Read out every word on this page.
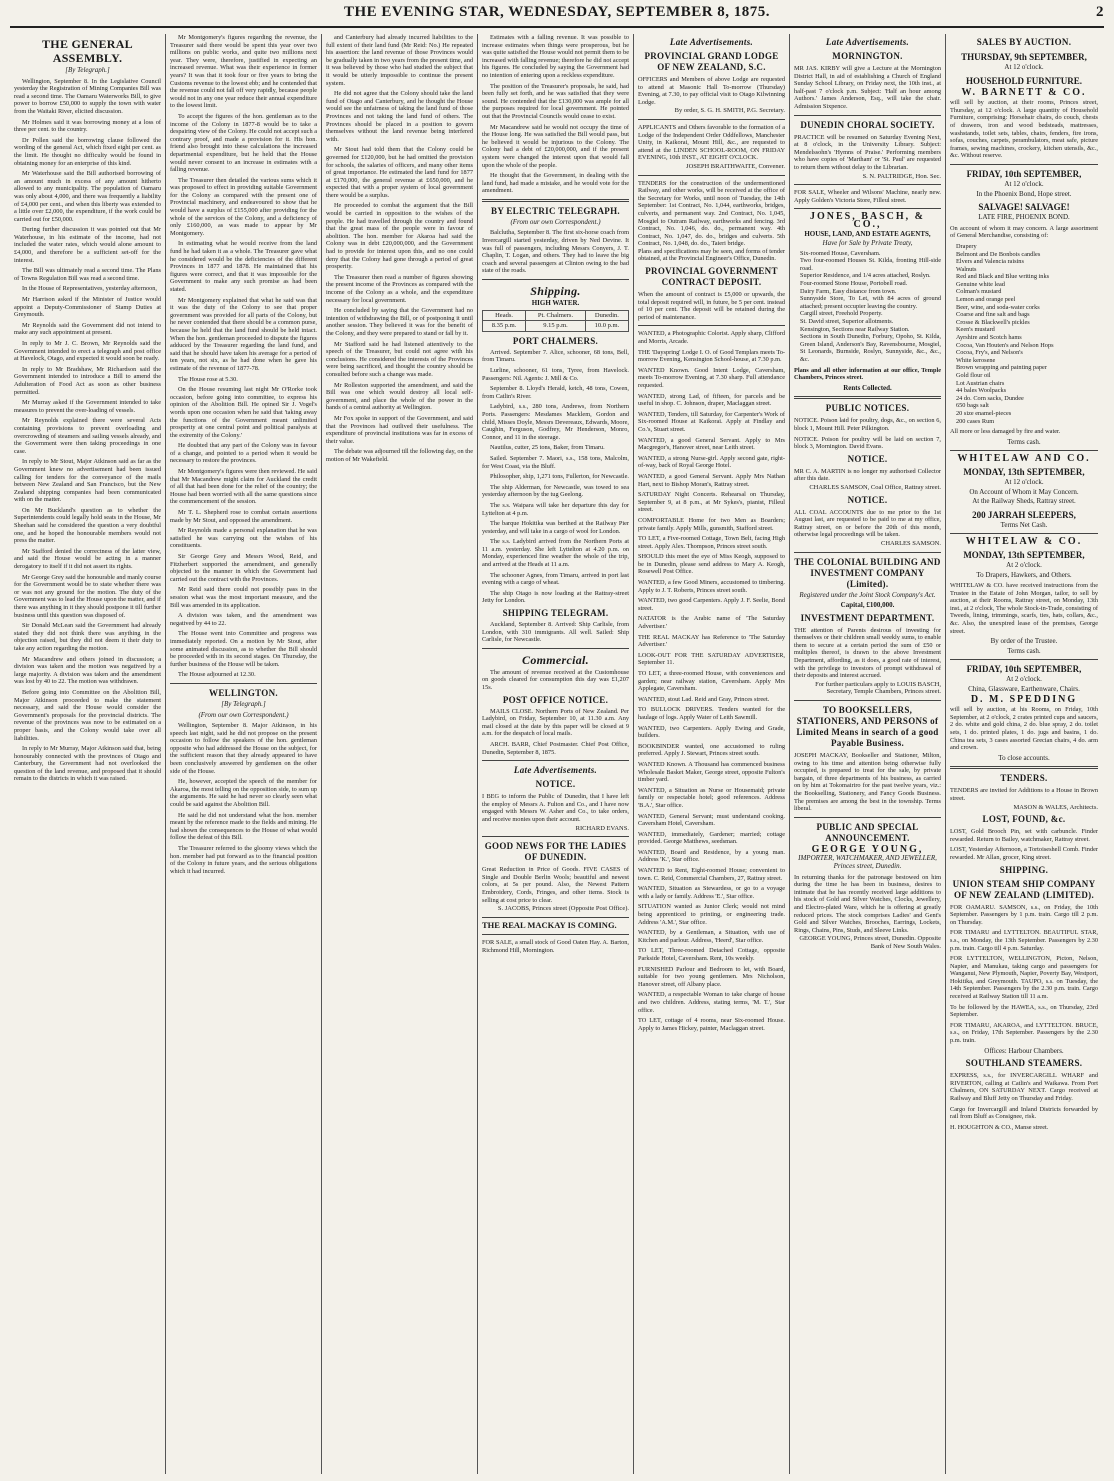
THE EVENING STAR, WEDNESDAY, SEPTEMBER 8, 1875.	2
THE GENERAL ASSEMBLY.
[By Telegraph.]

Wellington, September 8. In the Legislative Council yesterday the Registration of Mining Companies Bill was read a second time. The Oamaru Waterworks Bill, to give power to borrow £50,000 to supply the town with water from the Waitaki River, elicited discussion.

Mr Holmes said it was borrowing money at a loss of three per cent. to the country.

Dr Pollen said the borrowing clause followed the wording of the general Act, which fixed eight per cent. as the limit. He thought no difficulty would be found in obtaining money for an enterprise of this kind.

Mr Waterhouse said the Bill authorised borrowing of an amount much in excess of any amount hitherto allowed to any municipality. The population of Oamaru was only about 4,000, and there was frequently a liability of £4,000 per cent., and when this liberty was extended to a little over £2,000, the expenditure, if the work could be carried out for £50,000.

During further discussion it was pointed out that Mr Waterhouse, in his estimate of the income, had not included the water rates, which would alone amount to £4,000, and therefore be a sufficient set-off for the interest.

The Bill was ultimately read a second time. The Plans of Towns Regulation Bill was read a second time.

In the House of Representatives, yesterday afternoon,

Mr Harrison asked if the Minister of Justice would appoint a Deputy-Commissioner of Stamp Duties at Greymouth.

Mr Reynolds said the Government did not intend to make any such appointment at present.

In reply to Mr J. C. Brown, Mr Reynolds said the Government intended to erect a telegraph and post office at Havelock, Otago, and expected it would soon be ready.

In reply to Mr Bradshaw, Mr Richardson said the Government intended to introduce a Bill to amend the Adulteration of Food Act as soon as other business permitted.

Mr Murray asked if the Government intended to take measures to prevent the over-loading of vessels.

Mr Reynolds explained there were several Acts containing provisions to prevent overloading and overcrowding of steamers and sailing vessels already, and the Government were then taking proceedings in one case.

In reply to Mr Stout, Major Atkinson said as far as the Government knew no advertisement had been issued calling for tenders for the conveyance of the mails between New Zealand and San Francisco, but the New Zealand shipping companies had been communicated with on the matter.

On Mr Buckland's question as to whether the Superintendents could legally hold seats in the House, Mr Sheehan said he considered the question a very doubtful one, and he hoped the honourable members would not press the matter.

Mr Stafford denied the correctness of the latter view, and said the House would be acting in a manner derogatory to itself if it did not assert its rights.

Mr George Grey said the honourable and manly course for the Government would be to state whether there was or was not any ground for the motion. The duty of the Government was to lead the House upon the matter, and if there was anything in it they should postpone it till further business until this question was disposed of.

Sir Donald McLean said the Government had already stated they did not think there was anything in the objection raised, but they did not deem it their duty to take any action regarding the motion.

Mr Macandrew and others joined in discussion; a division was taken and the motion was negatived by a large majority. A division was taken and the amendment was lost by 40 to 22. The motion was withdrawn.

Before going into Committee on the Abolition Bill, Major Atkinson proceeded to make the statement necessary, and said the House would consider the Government's proposals for the provincial districts. The revenue of the provinces was now to be estimated on a proper basis, and the Colony would take over all liabilities.

In reply to Mr Murray, Major Atkinson said that, being honourably connected with the provinces of Otago and Canterbury, the Government had not overlooked the question of the land revenue, and proposed that it should remain to the districts in which it was raised.

Mr Montgomery's figures regarding the revenue, the Treasurer said there would be spent this year over two millions on public works, and quite two millions next year. They were, therefore, justified in expecting an increased revenue. What was their experience in former years? It was that it took four or five years to bring the Customs revenue to the lowest ebb; and he contended that the revenue could not fall off very rapidly, because people would not in any one year reduce their annual expenditure to the lowest limit.

To accept the figures of the hon. gentleman as to the income of the Colony in 1877-8 would be to take a despairing view of the Colony. He could not accept such a contrary proof, and made a provision for it. His hon. friend also brought into these calculations the increased departmental expenditure, but he held that the House would never consent to an increase in estimates with a falling revenue.

The Treasurer then detailed the various sums which it was proposed to effect in providing suitable Government for the Colony as compared with the present one of Provincial machinery, and endeavoured to show that he would have a surplus of £155,000 after providing for the whole of the services of the Colony, and a deficiency of only £160,000, as was made to appear by Mr Montgomery.

In estimating what he would receive from the land fund he had taken it as a whole. The Treasurer gave what he considered would be the deficiencies of the different Provinces in 1877 and 1878. He maintained that his figures were correct, and that it was impossible for the Government to make any such promise as had been stated.

Mr Montgomery explained that what he said was that it was the duty of the Colony to see that proper government was provided for all parts of the Colony, but he never contended that there should be a common purse, because he held that the land fund should be held intact. When the hon. gentleman proceeded to dispute the figures adduced by the Treasurer regarding the land fund, and said that he should have taken his average for a period of ten years, not six, as he had done when he gave his estimate of the revenue of 1877-78.

The House rose at 5.30.

On the House resuming last night Mr O'Rorke took occasion, before going into committee, to express his opinion of the Abolition Bill. He opined Sir J. Vogel's words upon one occasion when he said that 'taking away the functions of the Government meant unlimited prosperity at one central point and political paralysis at the extremity of the Colony.'

He doubted that any part of the Colony was in favour of a change, and pointed to a period when it would be necessary to restore the provinces.

Mr Montgomery's figures were then reviewed. He said that Mr Macandrew might claim for Auckland the credit of all that had been done for the relief of the country; the House had been worried with all the same questions since the commencement of the session.

Mr T. L. Shepherd rose to combat certain assertions made by Mr Stout, and opposed the amendment.

Mr Reynolds made a personal explanation that he was satisfied he was carrying out the wishes of his constituents.

Sir George Grey and Messrs Wood, Reid, and Fitzherbert supported the amendment, and generally objected to the manner in which the Government had carried out the contract with the Provinces.

Mr Reid said there could not possibly pass in the session what was the most important measure, and the Bill was amended in its application.

A division was taken, and the amendment was negatived by 44 to 22.

The House went into Committee and progress was immediately reported. On a motion by Mr Stout, after some animated discussion, as to whether the Bill should be proceeded with in its second stages. On Thursday, the further business of the House will be taken.

The House adjourned at 12.30.

WELLINGTON.
[By Telegraph.]
(From our own Correspondent.)

Wellington, September 8. Major Atkinson, in his speech last night, said he did not propose on the present occasion to follow the speakers of the hon. gentleman opposite who had addressed the House on the subject, for the sufficient reason that they already appeared to have been conclusively answered by gentlemen on the other side of the House.

He, however, accepted the speech of the member for Akaroa, the most telling on the opposition side, to sum up the arguments. He said he had never so clearly seen what could be said against the Abolition Bill.

He said he did not understand what the hon. member meant by the reference made to the fields and mining. He had shown the consequences to the House of what would follow the defeat of this Bill.

The Treasurer referred to the gloomy views which the hon. member had put forward as to the financial position of the Colony in future years, and the serious obligations which it had incurred.

and Canterbury had already incurred liabilities to the full extent of their land fund (Mr Reid: No.) He repeated his assertion: the land revenue of those Provinces would be gradually taken in two years from the present time, and it was believed by those who had studied the subject that it would be utterly impossible to continue the present system.

He did not agree that the Colony should take the land fund of Otago and Canterbury, and he thought the House would see the unfairness of taking the land fund of those Provinces and not taking the land fund of others. The Provinces should be placed in a position to govern themselves without the land revenue being interfered with.

Mr Stout had told them that the Colony could be governed for £120,000, but he had omitted the provision for schools, the salaries of officers, and many other items of great importance. He estimated the land fund for 1877 at £170,000, the general revenue at £650,000, and he expected that with a proper system of local government there would be a surplus.

He proceeded to combat the argument that the Bill would be carried in opposition to the wishes of the people. He had travelled through the country and found that the great mass of the people were in favour of abolition. The hon. member for Akaroa had said the Colony was in debt £20,000,000, and the Government had to provide for interest upon this, and no one could deny that the Colony had gone through a period of great prosperity.

The Treasurer then read a number of figures showing the present income of the Provinces as compared with the income of the Colony as a whole, and the expenditure necessary for local government.

He concluded by saying that the Government had no intention of withdrawing the Bill, or of postponing it until another session. They believed it was for the benefit of the Colony, and they were prepared to stand or fall by it.

Mr Stafford said he had listened attentively to the speech of the Treasurer, but could not agree with his conclusions. He considered the interests of the Provinces were being sacrificed, and thought the country should be consulted before such a change was made.

Mr Rolleston supported the amendment, and said the Bill was one which would destroy all local self-government, and place the whole of the power in the hands of a central authority at Wellington.

Mr Fox spoke in support of the Government, and said that the Provinces had outlived their usefulness. The expenditure of provincial institutions was far in excess of their value.

The debate was adjourned till the following day, on the motion of Mr Wakefield.

Estimates with a falling revenue. It was possible to increase estimates when things were prosperous, but he was quite satisfied the House would not permit them to be increased with falling revenue; therefore he did not accept his figures. He concluded by saying the Government had no intention of entering upon a reckless expenditure.

The position of the Treasurer's proposals, he said, had been fully set forth, and he was satisfied that they were sound. He contended that the £130,000 was ample for all the purposes required for local government. He pointed out that the Provincial Councils would cease to exist.

Mr Macandrew said he would not occupy the time of the House long. He was satisfied the Bill would pass, but he believed it would be injurious to the Colony. The Colony had a debt of £20,000,000, and if the present system were changed the interest upon that would fall upon the whole of the people.

He thought that the Government, in dealing with the land fund, had made a mistake, and he would vote for the amendment.

BY ELECTRIC TELEGRAPH.
(From our own Correspondent.)

Balclutha, September 8. The first six-horse coach from Invercargill started yesterday, driven by Ned Devine. It was full of passengers, including Messrs Conyers, J. T. Chaplin, T. Logan, and others. They had to leave the big coach and several passengers at Clinton owing to the bad state of the roads.

Shipping.
HIGH WATER.
Heads.	Pt. Chalmers.	Dunedin.
8.35 p.m.	9.15 p.m.	10.0 p.m.
PORT CHALMERS.

Arrived. September 7. Alice, schooner, 68 tons, Bell, from Timaru.

Lurline, schooner, 61 tons, Tyree, from Havelock. Passengers: Nil. Agents: J. Mill & Co.

September 8. Lloyd's Herald, ketch, 48 tons, Cowen, from Catlin's River.

Ladybird, s.s., 280 tons, Andrews, from Northern Ports. Passengers: Mesdames Macklem, Gordon and child, Misses Doyle, Messrs Devereaux, Edwards, Moore, Caughin, Ferguson, Godfrey, Mr Henderson, Monro, Connor, and 11 in the steerage.

Nautilus, cutter, 25 tons, Baker, from Timaru.

Sailed. September 7. Maori, s.s., 158 tons, Malcolm, for West Coast, via the Bluff.

Philosopher, ship, 1,271 tons, Fullerton, for Newcastle.

The ship Alderman, for Newcastle, was towed to sea yesterday afternoon by the tug Geelong.

The s.s. Waipara will take her departure this day for Lyttelton at 4 p.m.

The barque Hokitika was berthed at the Railway Pier yesterday, and will take in a cargo of wool for London.

The s.s. Ladybird arrived from the Northern Ports at 11 a.m. yesterday. She left Lyttelton at 4.20 p.m. on Monday, experienced fine weather the whole of the trip, and arrived at the Heads at 11 a.m.

The schooner Agnes, from Timaru, arrived in port last evening with a cargo of wheat.

The ship Otago is now loading at the Rattray-street Jetty for London.

SHIPPING TELEGRAM.

Auckland, September 8. Arrived: Ship Carlisle, from London, with 310 immigrants. All well. Sailed: Ship Carlisle, for Newcastle.

Commercial.

The amount of revenue received at the Customhouse on goods cleared for consumption this day was £1,207 15s.

POST OFFICE NOTICE.

MAILS CLOSE. Northern Ports of New Zealand. Per Ladybird, on Friday, September 10, at 11.30 a.m. Any mail closed at the date by this paper will be closed at 9 a.m. for the despatch of local mails.

ARCH. BARR, Chief Postmaster. Chief Post Office, Dunedin, September 8, 1875.

Late Advertisements.
NOTICE.
I BEG to inform the Public of Dunedin, that I have left the employ of Messrs A. Fulton and Co., and I have now engaged with Messrs W. Asher and Co., to take orders, and receive monies upon their account.
RICHARD EVANS.
GOOD NEWS FOR THE LADIES OF DUNEDIN.
Great Reduction in Price of Goods. FIVE CASES of Single and Double Berlin Wools; beautiful and newest colors, at 5s per pound. Also, the Newest Pattern Embroidery, Cords, Fringes, and other items. Stock is selling at cost price to clear.
S. JACOBS, Princes street (Opposite Post Office).
THE REAL MACKAY IS COMING.
FOR SALE, a small stock of Good Oaten Hay. A. Barton, Richmond Hill, Mornington.
Late Advertisements.
PROVINCIAL GRAND LODGE OF NEW ZEALAND, S.C.
OFFICERS and Members of above Lodge are requested to attend at Masonic Hall To-morrow (Thursday) Evening, at 7.30, to pay official visit to Otago Kilwinning Lodge.
By order, S. G. H. SMITH, P.G. Secretary.
APPLICANTS and Others favorable to the formation of a Lodge of the Independent Order Oddfellows, Manchester Unity, in Kaikorai, Mount Hill, &c., are requested to attend at the LINDEN SCHOOL-ROOM, ON FRIDAY EVENING, 10th INST., AT EIGHT O'CLOCK.
JOSEPH BRAITHWAITE, Convener.
TENDERS for the construction of the undermentioned Railway, and other works, will be received at the office of the Secretary for Works, until noon of Tuesday, the 14th September: 1st Contract, No. 1,044, earthworks, bridges, culverts, and permanent way. 2nd Contract, No. 1,045, Mosgiel to Outram Railway, earthworks and fencing. 3rd Contract, No. 1,046, do. do., permanent way. 4th Contract, No. 1,047, do. do., bridges and culverts. 5th Contract, No. 1,048, do. do., Taieri bridge.
Plans and specifications may be seen, and forms of tender obtained, at the Provincial Engineer's Office, Dunedin.
PROVINCIAL GOVERNMENT CONTRACT DEPOSIT.
When the amount of contract is £5,000 or upwards, the total deposit required will, in future, be 5 per cent. instead of 10 per cent. The deposit will be retained during the period of maintenance.
WANTED, a Photographic Colorist. Apply sharp, Clifford and Morris, Arcade.
THE 'Dayspring' Lodge I. O. of Good Templars meets To-morrow Evening, Kensington School-house, at 7.30 p.m.
WANTED Known. Good Intent Lodge, Caversham, meets To-morrow Evening, at 7.30 sharp. Full attendance requested.
WANTED, strong Lad, of fifteen, for parcels and be useful in shop. C. Johnson, draper, Maclaggan street.
WANTED, Tenders, till Saturday, for Carpenter's Work of Six-roomed House at Kaikorai. Apply at Findlay and Co.'s, Stuart street.
WANTED, a good General Servant. Apply to Mrs Macgregor's, Hanover street, near Leith street.
WANTED, a strong Nurse-girl. Apply second gate, right-of-way, back of Royal George Hotel.
WANTED, a good General Servant. Apply Mrs Nathan Hart, next to Bishop Moran's, Rattray street.
SATURDAY Night Concerts. Rehearsal on Thursday, September 9, at 8 p.m., at Mr Sykes's, pianist, Filleul street.
COMFORTABLE Home for two Men as Boarders; private family. Apply Mills, gunsmith, Stafford street.
TO LET, a Five-roomed Cottage, Town Belt, facing High street. Apply Alex. Thompson, Princes street south.
SHOULD this meet the eye of Miss Keogh, supposed to be in Dunedin, please send address to Mary A. Keogh, Rosewell Post Office.
WANTED, a few Good Miners, accustomed to timbering. Apply to J. T. Roberts, Princes street south.
WANTED, two good Carpenters. Apply J. F. Seelie, Bond street.
NATATOR is the Arabic name of 'The Saturday Advertiser.'
THE REAL MACKAY has Reference to 'The Saturday Advertiser.'
LOOK-OUT FOR THE SATURDAY ADVERTISER, September 11.
TO LET, a three-roomed House, with conveniences and garden; near railway station, Caversham. Apply Mrs Applegate, Caversham.
WANTED, stout Lad. Reid and Gray, Princes street.
TO BULLOCK DRIVERS. Tenders wanted for the haulage of logs. Apply Water of Leith Sawmill.
WANTED, two Carpenters. Apply Ewing and Grade, builders.
BOOKBINDER wanted, one accustomed to ruling preferred. Apply J. Stewart, Princes street south.
WANTED Known. A Thousand has commenced business Wholesale Basket Maker, George street, opposite Fulton's timber yard.
WANTED, a Situation as Nurse or Housemaid; private family or respectable hotel; good references. Address 'B.A.', Star office.
WANTED, General Servant; must understand cooking. Caversham Hotel, Caversham.
WANTED, immediately, Gardener; married; cottage provided. George Matthews, seedsman.
WANTED, Board and Residence, by a young man. Address 'K.', Star office.
WANTED to Rent, Eight-roomed House; convenient to town. C. Reid, Commercial Chambers, 27, Rattray street.
WANTED, Situation as Stewardess, or go to a voyage with a lady or family. Address 'E.', Star office.
SITUATION wanted as Junior Clerk; would not mind being apprenticed to printing, or engineering trade. Address 'A.M.', Star office.
WANTED, by a Gentleman, a Situation, with use of Kitchen and parlour. Address, 'Heerd', Star office.
TO LET, Three-roomed Detached Cottage, opposite Parkside Hotel, Caversham. Rent, 10s weekly.
FURNISHED Parlour and Bedroom to let, with Board, suitable for two young gentlemen. Mrs Nicholson, Hanover street, off Albany place.
WANTED, a respectable Woman to take charge of house and two children. Address, stating terms, 'M. T.', Star office.
TO LET, cottage of 4 rooms, near Six-roomed House. Apply to James Hickey, painter, Maclaggan street.
Late Advertisements.
MORNINGTON.
MR JAS. KIRBY will give a Lecture at the Mornington District Hall, in aid of establishing a Church of England Sunday School Library, on Friday next, the 10th inst., at half-past 7 o'clock p.m. Subject: 'Half an hour among Authors.' James Anderson, Esq., will take the chair. Admission Sixpence.
DUNEDIN CHORAL SOCIETY.
PRACTICE will be resumed on Saturday Evening Next, at 8 o'clock, in the University Library. Subject: Mendelssohn's 'Hymns of Praise.' Performing members who have copies of 'Martham' or 'St. Paul' are requested to return them without delay to the Librarian.
S. N. PALTRIDGE, Hon. Sec.
FOR SALE, Wheeler and Wilsons' Machine, nearly new. Apply Golden's Victoria Store, Filleul street.
JONES, BASCH, & CO.,
HOUSE, LAND, AND ESTATE AGENTS,
Have for Sale by Private Treaty,
Six-roomed House, Caversham.
Two four-roomed Houses St. Kilda, fronting Hill-side road.
Superior Residence, and 1/4 acres attached, Roslyn.
Four-roomed Stone House, Portobell road.
Dairy Farm, Easy distance from town.
Sunnyside Store, To Let, with 84 acres of ground attached; present occupier leaving the country.
Cargill street, Freehold Property.
St. David street, Superior allotments.
Kensington, Sections near Railway Station.
Sections in South Dunedin, Forbury, Opoho, St. Kilda, Green Island, Anderson's Bay, Ravensbourne, Mosgiel, St Leonards, Burnside, Roslyn, Sunnyside, &c., &c., &c.
Plans and all other information at our office, Temple Chambers, Princes street.
Rents Collected.
PUBLIC NOTICES.
NOTICE. Poison laid for poultry, dogs, &c., on section 6, block 1, Mount Hill. Peter Pilkington.
NOTICE. Poison for poultry will be laid on section 7, block 3, Mornington. David Evans.
NOTICE.
MR C. A. MARTIN is no longer my authorised Collector after this date.
CHARLES SAMSON, Coal Office, Rattray street.
NOTICE.
ALL COAL ACCOUNTS due to me prior to the 1st August last, are requested to be paid to me at my office, Rattray street, on or before the 20th of this month, otherwise legal proceedings will be taken.
CHARLES SAMSON.
THE COLONIAL BUILDING AND INVESTMENT COMPANY (Limited).
Registered under the Joint Stock Company's Act.
Capital, £100,000.
INVESTMENT DEPARTMENT.
THE attention of Parents desirous of investing for themselves or their children small weekly sums, to enable them to secure at a certain period the sum of £50 or multiples thereof, is drawn to the above Investment Department, affording, as it does, a good rate of interest, with the privilege to investors of prompt withdrawal of their deposits and interest accrued.
For further particulars apply to LOUIS BASCH, Secretary, Temple Chambers, Princes street.
TO BOOKSELLERS, STATIONERS, AND PERSONS of Limited Means in search of a good Payable Business.
JOSEPH MACKAY, Bookseller and Stationer, Milton, owing to his time and attention being otherwise fully occupied, is prepared to treat for the sale, by private bargain, of three departments of his business, as carried on by him at Tokomairiro for the past twelve years, viz.: the Bookselling, Stationery, and Fancy Goods Business. The premises are among the best in the township. Terms liberal.
PUBLIC AND SPECIAL ANNOUNCEMENT.
GEORGE YOUNG,
IMPORTER, WATCHMAKER, AND JEWELLER, Princes street, Dunedin.
In returning thanks for the patronage bestowed on him during the time he has been in business, desires to intimate that he has recently received large additions to his stock of Gold and Silver Watches, Clocks, Jewellery, and Electro-plated Ware, which he is offering at greatly reduced prices. The stock comprises Ladies' and Gent's Gold and Silver Watches, Brooches, Earrings, Lockets, Rings, Chains, Pins, Studs, and Sleeve Links.
GEORGE YOUNG, Princes street, Dunedin. Opposite Bank of New South Wales.
SALES BY AUCTION.
THURSDAY, 9th SEPTEMBER,
At 12 o'clock.
HOUSEHOLD FURNITURE.
W. BARNETT & CO.
will sell by auction, at their rooms, Princes street, Thursday, at 12 o'clock. A large quantity of Household Furniture, comprising: Horsehair chairs, do couch, chests of drawers, iron and wood bedsteads, mattresses, washstands, toilet sets, tables, chairs, fenders, fire irons, sofas, couches, carpets, perambulators, meat safe, picture frames, sewing machines, crockery, kitchen utensils, &c., &c. Without reserve.
FRIDAY, 10th SEPTEMBER,
At 12 o'clock.
In the Phoenix Bond, Hope street.
SALVAGE! SALVAGE!
LATE FIRE, PHOENIX BOND.
On account of whom it may concern. A large assortment of General Merchandise, consisting of:
Drapery
Belmont and De Bonbois candles
Elvers and Valencia raisins
Walnuts
Red and Black and Blue writing inks
Genuine white lead
Colman's mustard
Lemon and orange peel
Beer, wine, and soda-water corks
Coarse and fine salt and bags
Crosse & Blackwell's pickles
Keen's mustard
Ayrshire and Scotch hams
Cocoa, Van Houten's and Nelson Hops
Cocoa, Fry's, and Nelson's
White kerosene
Brown wrapping and painting paper
Gold flour oil
Lot Austrian chairs
44 bales Woolpacks
24 do. Corn sacks, Dundee
650 bags salt
20 size enamel-pieces
200 cases Rum
All more or less damaged by fire and water.
Terms cash.
WHITELAW AND CO.
MONDAY, 13th SEPTEMBER,
At 12 o'clock.
On Account of Whom it May Concern.
At the Railway Sheds, Rattray street.
200 JARRAH SLEEPERS,
Terms Net Cash.
WHITELAW & CO.
MONDAY, 13th SEPTEMBER,
At 2 o'clock.
To Drapers, Hawkers, and Others.
WHITELAW & CO. have received instructions from the Trustee in the Estate of John Morgan, tailor, to sell by auction, at their Rooms, Rattray street, on Monday, 13th inst., at 2 o'clock, The whole Stock-in-Trade, consisting of Tweeds, lining, trimmings, scarfs, ties, hats, collars, &c., &c. Also, the unexpired lease of the premises, George street.
By order of the Trustee.
Terms cash.
FRIDAY, 10th SEPTEMBER,
At 2 o'clock.
China, Glassware, Earthenware, Chairs.
D. M. SPEDDING
will sell by auction, at his Rooms, on Friday, 10th September, at 2 o'clock, 2 crates printed cups and saucers, 2 do. white and gold china, 2 do. blue spray, 2 do. toilet sets, 1 do. printed plates, 1 do. jugs and basins, 1 do. China tea sets, 3 cases assorted Grecian chairs, 4 do. arm and crown.
To close accounts.
TENDERS.
TENDERS are invited for Additions to a House in Brown street.
MASON & WALES, Architects.
LOST, FOUND, &c.
LOST, Gold Brooch Pin, set with carbuncle. Finder rewarded. Return to Bailey, watchmaker, Rattray street.
LOST, Yesterday Afternoon, a Tortoiseshell Comb. Finder rewarded. Mr Allan, grocer, King street.
SHIPPING.
UNION STEAM SHIP COMPANY OF NEW ZEALAND (LIMITED).
FOR OAMARU. SAMSON, s.s., on Friday, the 10th September. Passengers by 1 p.m. train. Cargo till 2 p.m. on Thursday.
FOR TIMARU and LYTTELTON. BEAUTIFUL STAR, s.s., on Monday, the 13th September. Passengers by 2.30 p.m. train. Cargo till 4 p.m. Saturday.
FOR LYTTELTON, WELLINGTON, Picton, Nelson, Napier, and Manukau, taking cargo and passengers for Wanganui, New Plymouth, Napier, Poverty Bay, Westport, Hokitika, and Greymouth. TAUPO, s.s. on Tuesday, the 14th September. Passengers by the 2.30 p.m. train. Cargo received at Railway Station till 11 a.m.
To be followed by the HAWEA, s.s., on Thursday, 23rd September.
FOR TIMARU, AKAROA, and LYTTELTON. BRUCE, s.s., on Friday, 17th September. Passengers by the 2.30 p.m. train.
Offices: Harbour Chambers.
SOUTHLAND STEAMERS.
EXPRESS, s.s., for INVERCARGILL WHARF and RIVERTON, calling at Catlin's and Waikawa. From Port Chalmers, ON SATURDAY NEXT. Cargo received at Railway and Bluff Jetty on Thursday and Friday.
Cargo for Invercargill and Inland Districts forwarded by rail from Bluff as Consignee, risk.
H. HOUGHTON & CO., Manse street.
